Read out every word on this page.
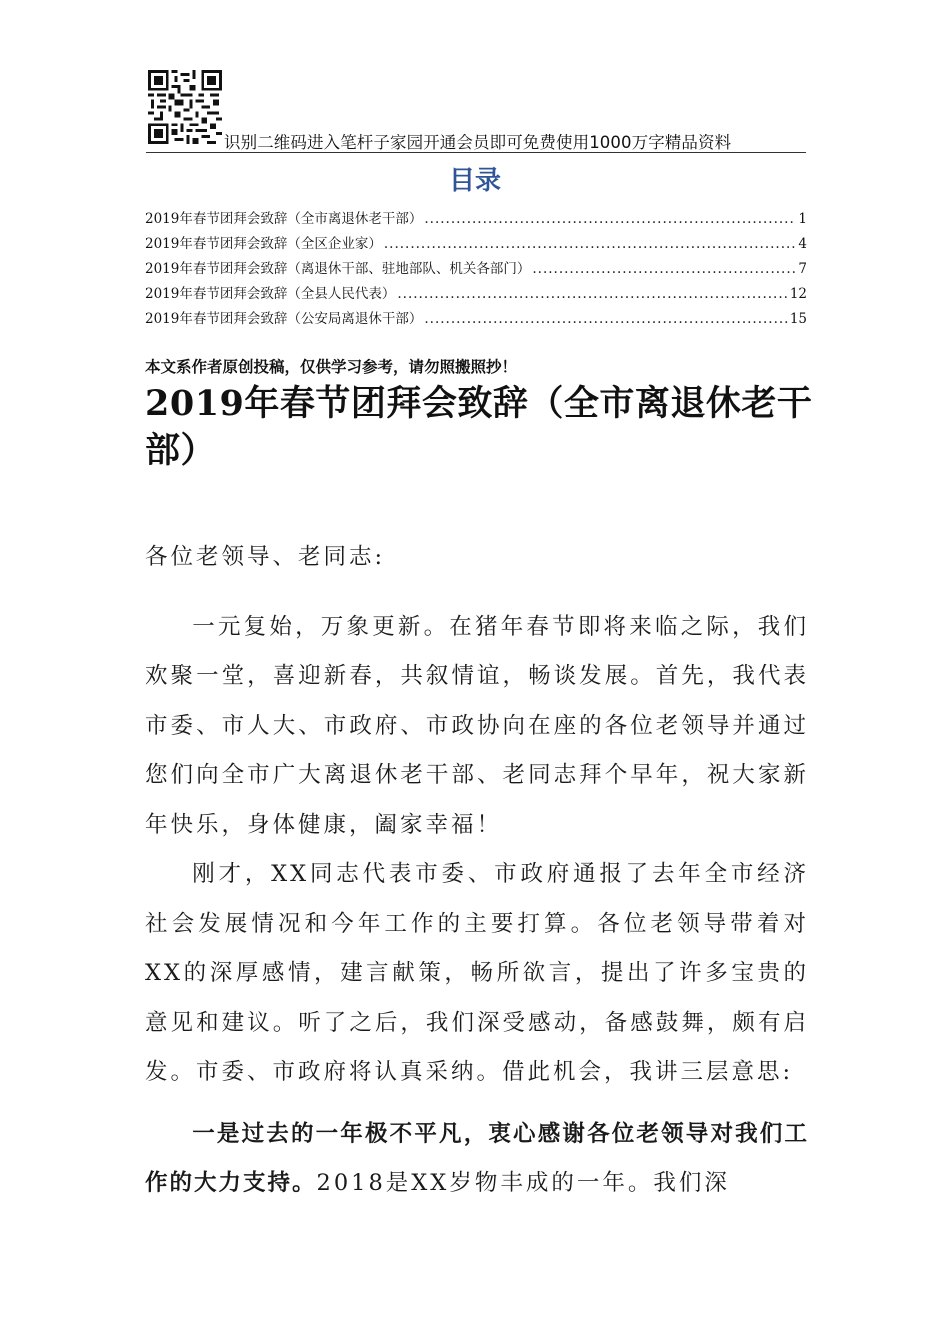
识别二维码进入笔杆子家园开通会员即可免费使用1000万字精品资料
目录
2019年春节团拜会致辞（全市离退休老干部） .....	1
2019年春节团拜会致辞（全区企业家） .....	4
2019年春节团拜会致辞（离退休干部、驻地部队、机关各部门） .....	7
2019年春节团拜会致辞（全县人民代表） .....	12
2019年春节团拜会致辞（公安局离退休干部） .....	15
本文系作者原创投稿，仅供学习参考，请勿照搬照抄！
2019年春节团拜会致辞（全市离退休老干部）

各位老领导、老同志:

一元复始，万象更新。在猪年春节即将来临之际，我们欢聚一堂，喜迎新春，共叙情谊，畅谈发展。首先，我代表市委、市人大、市政府、市政协向在座的各位老领导并通过您们向全市广大离退休老干部、老同志拜个早年，祝大家新年快乐，身体健康，阖家幸福！

刚才，XX同志代表市委、市政府通报了去年全市经济社会发展情况和今年工作的主要打算。各位老领导带着对XX的深厚感情，建言献策，畅所欲言，提出了许多宝贵的意见和建议。听了之后，我们深受感动，备感鼓舞，颇有启发。市委、市政府将认真采纳。借此机会，我讲三层意思:

一是过去的一年极不平凡，衷心感谢各位老领导对我们工作的大力支持。2018是XX岁物丰成的一年。我们深
